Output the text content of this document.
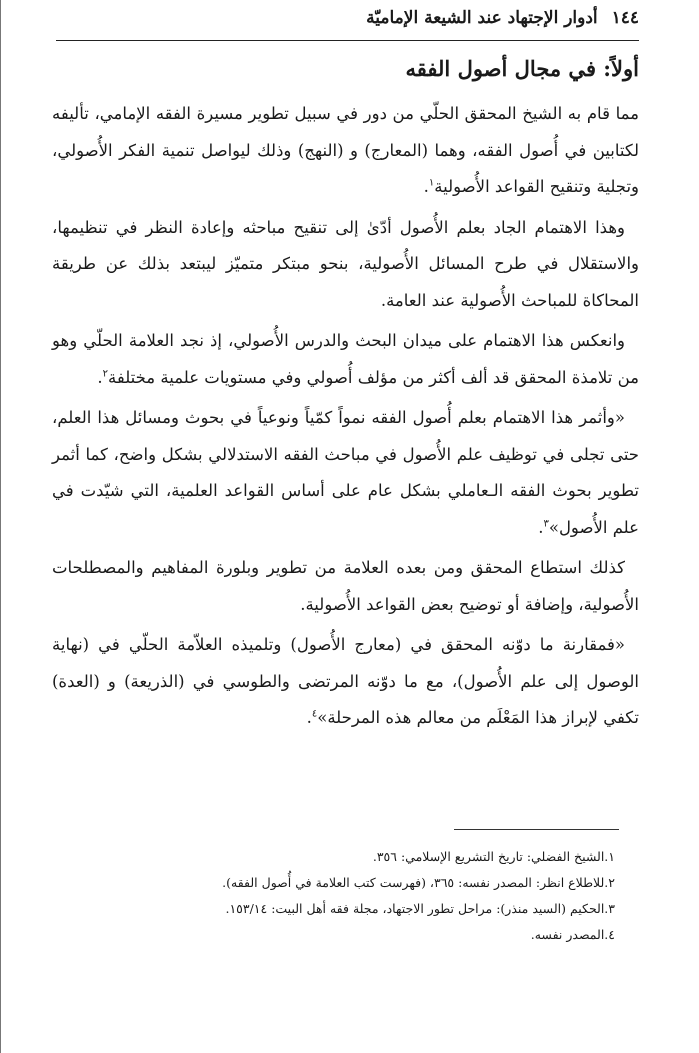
١٤٤ أدوار الإجتهاد عند الشيعة الإماميّة
أولاً: في مجال أصول الفقه

مما قام به الشيخ المحقق الحلّي من دور في سبيل تطوير مسيرة الفقه الإمامي، تأليفه لكتابين في أُصول الفقه، وهما (المعارج) و (النهج) وذلك ليواصل تنمية الفكر الأُصولي، وتجلية وتنقيح القواعد الأُصولية$^١$.

وهذا الاهتمام الجاد بعلم الأُصول أدّىٰ إلى تنقيح مباحثه وإعادة النظر في تنظيمها، والاستقلال في طرح المسائل الأُصولية، بنحو مبتكر متميّز ليبتعد بذلك عن طريقة المحاكاة للمباحث الأُصولية عند العامة.

وانعكس هذا الاهتمام على ميدان البحث والدرس الأُصولي، إذ نجد العلامة الحلّي وهو من تلامذة المحقق قد ألف أكثر من مؤلف أُصولي وفي مستويات علمية مختلفة$^٢$.

«وأثمر هذا الاهتمام بعلم أُصول الفقه نمواً كمّياً ونوعياً في بحوث ومسائل هذا العلم، حتى تجلى في توظيف علم الأُصول في مباحث الفقه الاستدلالي بشكل واضح، كما أثمر تطوير بحوث الفقه الـعاملي بشكل عام على أساس القواعد العلمية، التي شيّدت في علم الأُصول»$^٣$.

كذلك استطاع المحقق ومن بعده العلامة من تطوير وبلورة المفاهيم والمصطلحات الأُصولية، وإضافة أو توضيح بعض القواعد الأُصولية.

«فمقارنة ما دوّنه المحقق في (معارج الأُصول) وتلميذه العلاّمة الحلّي في (نهاية الوصول إلى علم الأُصول)، مع ما دوّنه المرتضى والطوسي في (الذريعة) و (العدة) تكفي لإبراز هذا المَعْلَم من معالم هذه المرحلة»$^٤$.

١.الشيخ الفضلي: تاريخ التشريع الإسلامي: ٣٥٦.
٢.للاطلاع انظر: المصدر نفسه: ٣٦٥، (فهرست كتب العلامة في أُصول الفقه).
٣.الحكيم (السيد منذر): مراحل تطور الاجتهاد، مجلة فقه أهل البيت: ١٥٣/١٤.
٤.المصدر نفسه.
